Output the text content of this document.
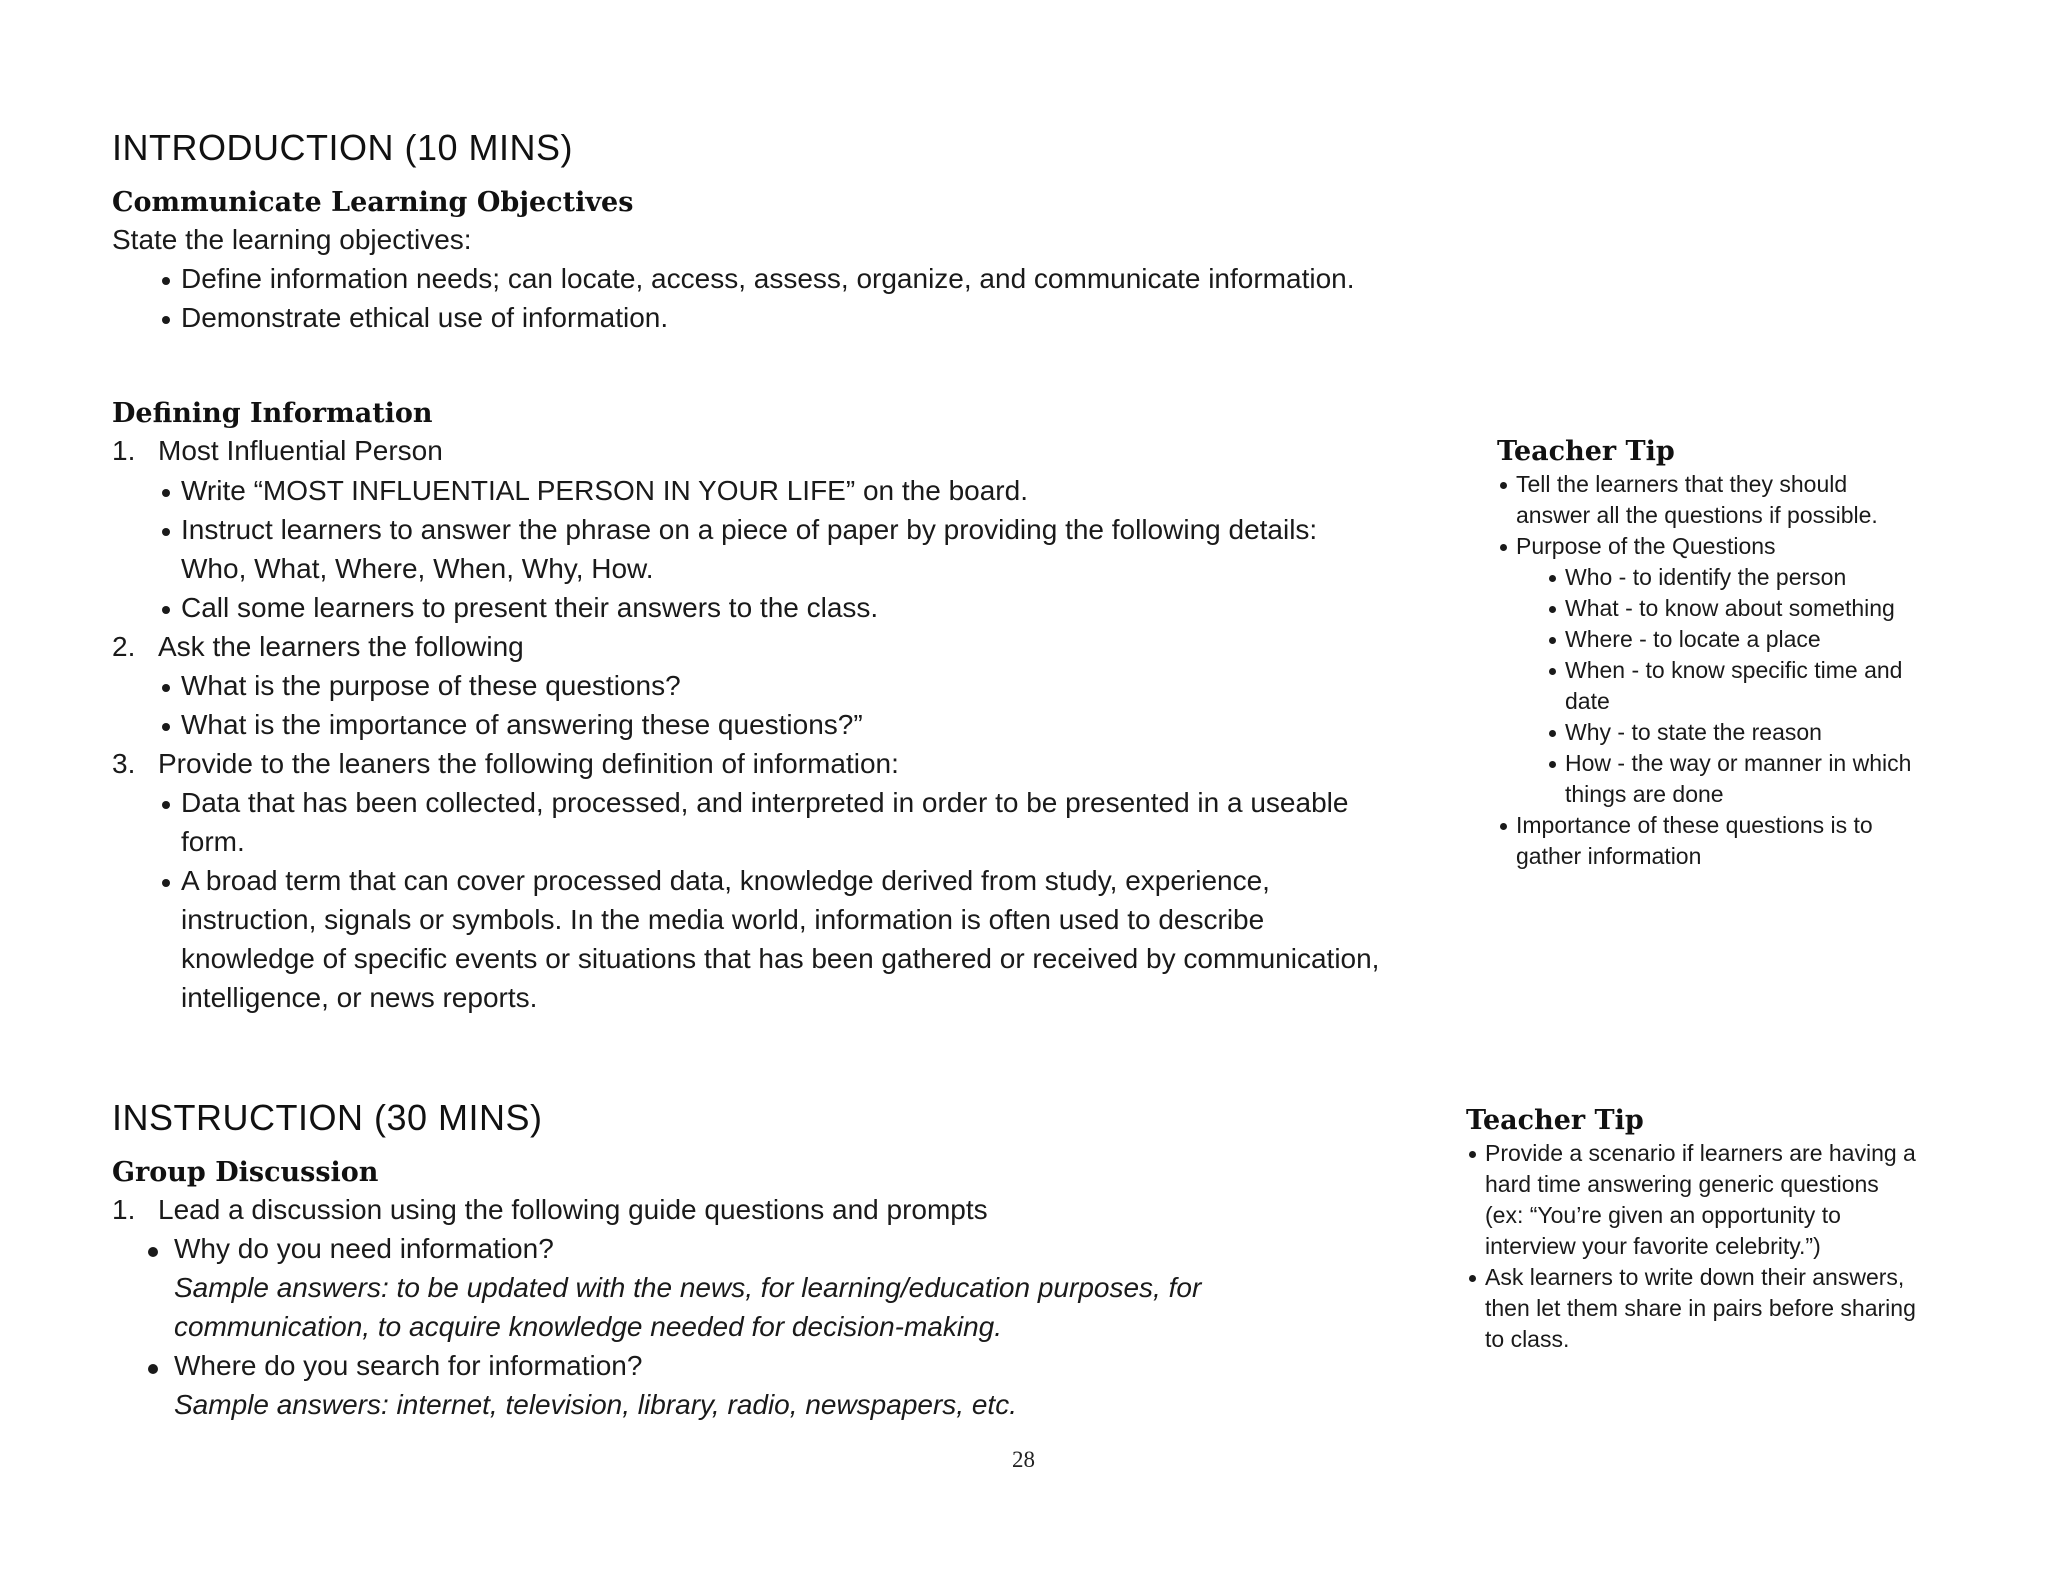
INTRODUCTION (10 MINS)
Communicate Learning Objectives
State the learning objectives:
Define information needs; can locate, access, assess, organize, and communicate information.
Demonstrate ethical use of information.
Defining Information
1. Most Influential Person
Write “MOST INFLUENTIAL PERSON IN YOUR LIFE” on the board.
Instruct learners to answer the phrase on a piece of paper by providing the following details:
Who, What, Where, When, Why, How.
Call some learners to present their answers to the class.
2. Ask the learners the following
What is the purpose of these questions?
What is the importance of answering these questions?”
3. Provide to the leaners the following definition of information:
Data that has been collected, processed, and interpreted in order to be presented in a useable
form.
A broad term that can cover processed data, knowledge derived from study, experience,
instruction, signals or symbols. In the media world, information is often used to describe
knowledge of specific events or situations that has been gathered or received by communication,
intelligence, or news reports.
Teacher Tip
Tell the learners that they should
answer all the questions if possible.
Purpose of the Questions
Who - to identify the person
What - to know about something
Where - to locate a place
When - to know specific time and
date
Why - to state the reason
How - the way or manner in which
things are done
Importance of these questions is to
gather information
INSTRUCTION (30 MINS)
Group Discussion
1. Lead a discussion using the following guide questions and prompts
Why do you need information?
Sample answers: to be updated with the news, for learning/education purposes, for
communication, to acquire knowledge needed for decision-making.
Where do you search for information?
Sample answers: internet, television, library, radio, newspapers, etc.
Teacher Tip
Provide a scenario if learners are having a
hard time answering generic questions
(ex: “You’re given an opportunity to
interview your favorite celebrity.”)
Ask learners to write down their answers,
then let them share in pairs before sharing
to class.
28
